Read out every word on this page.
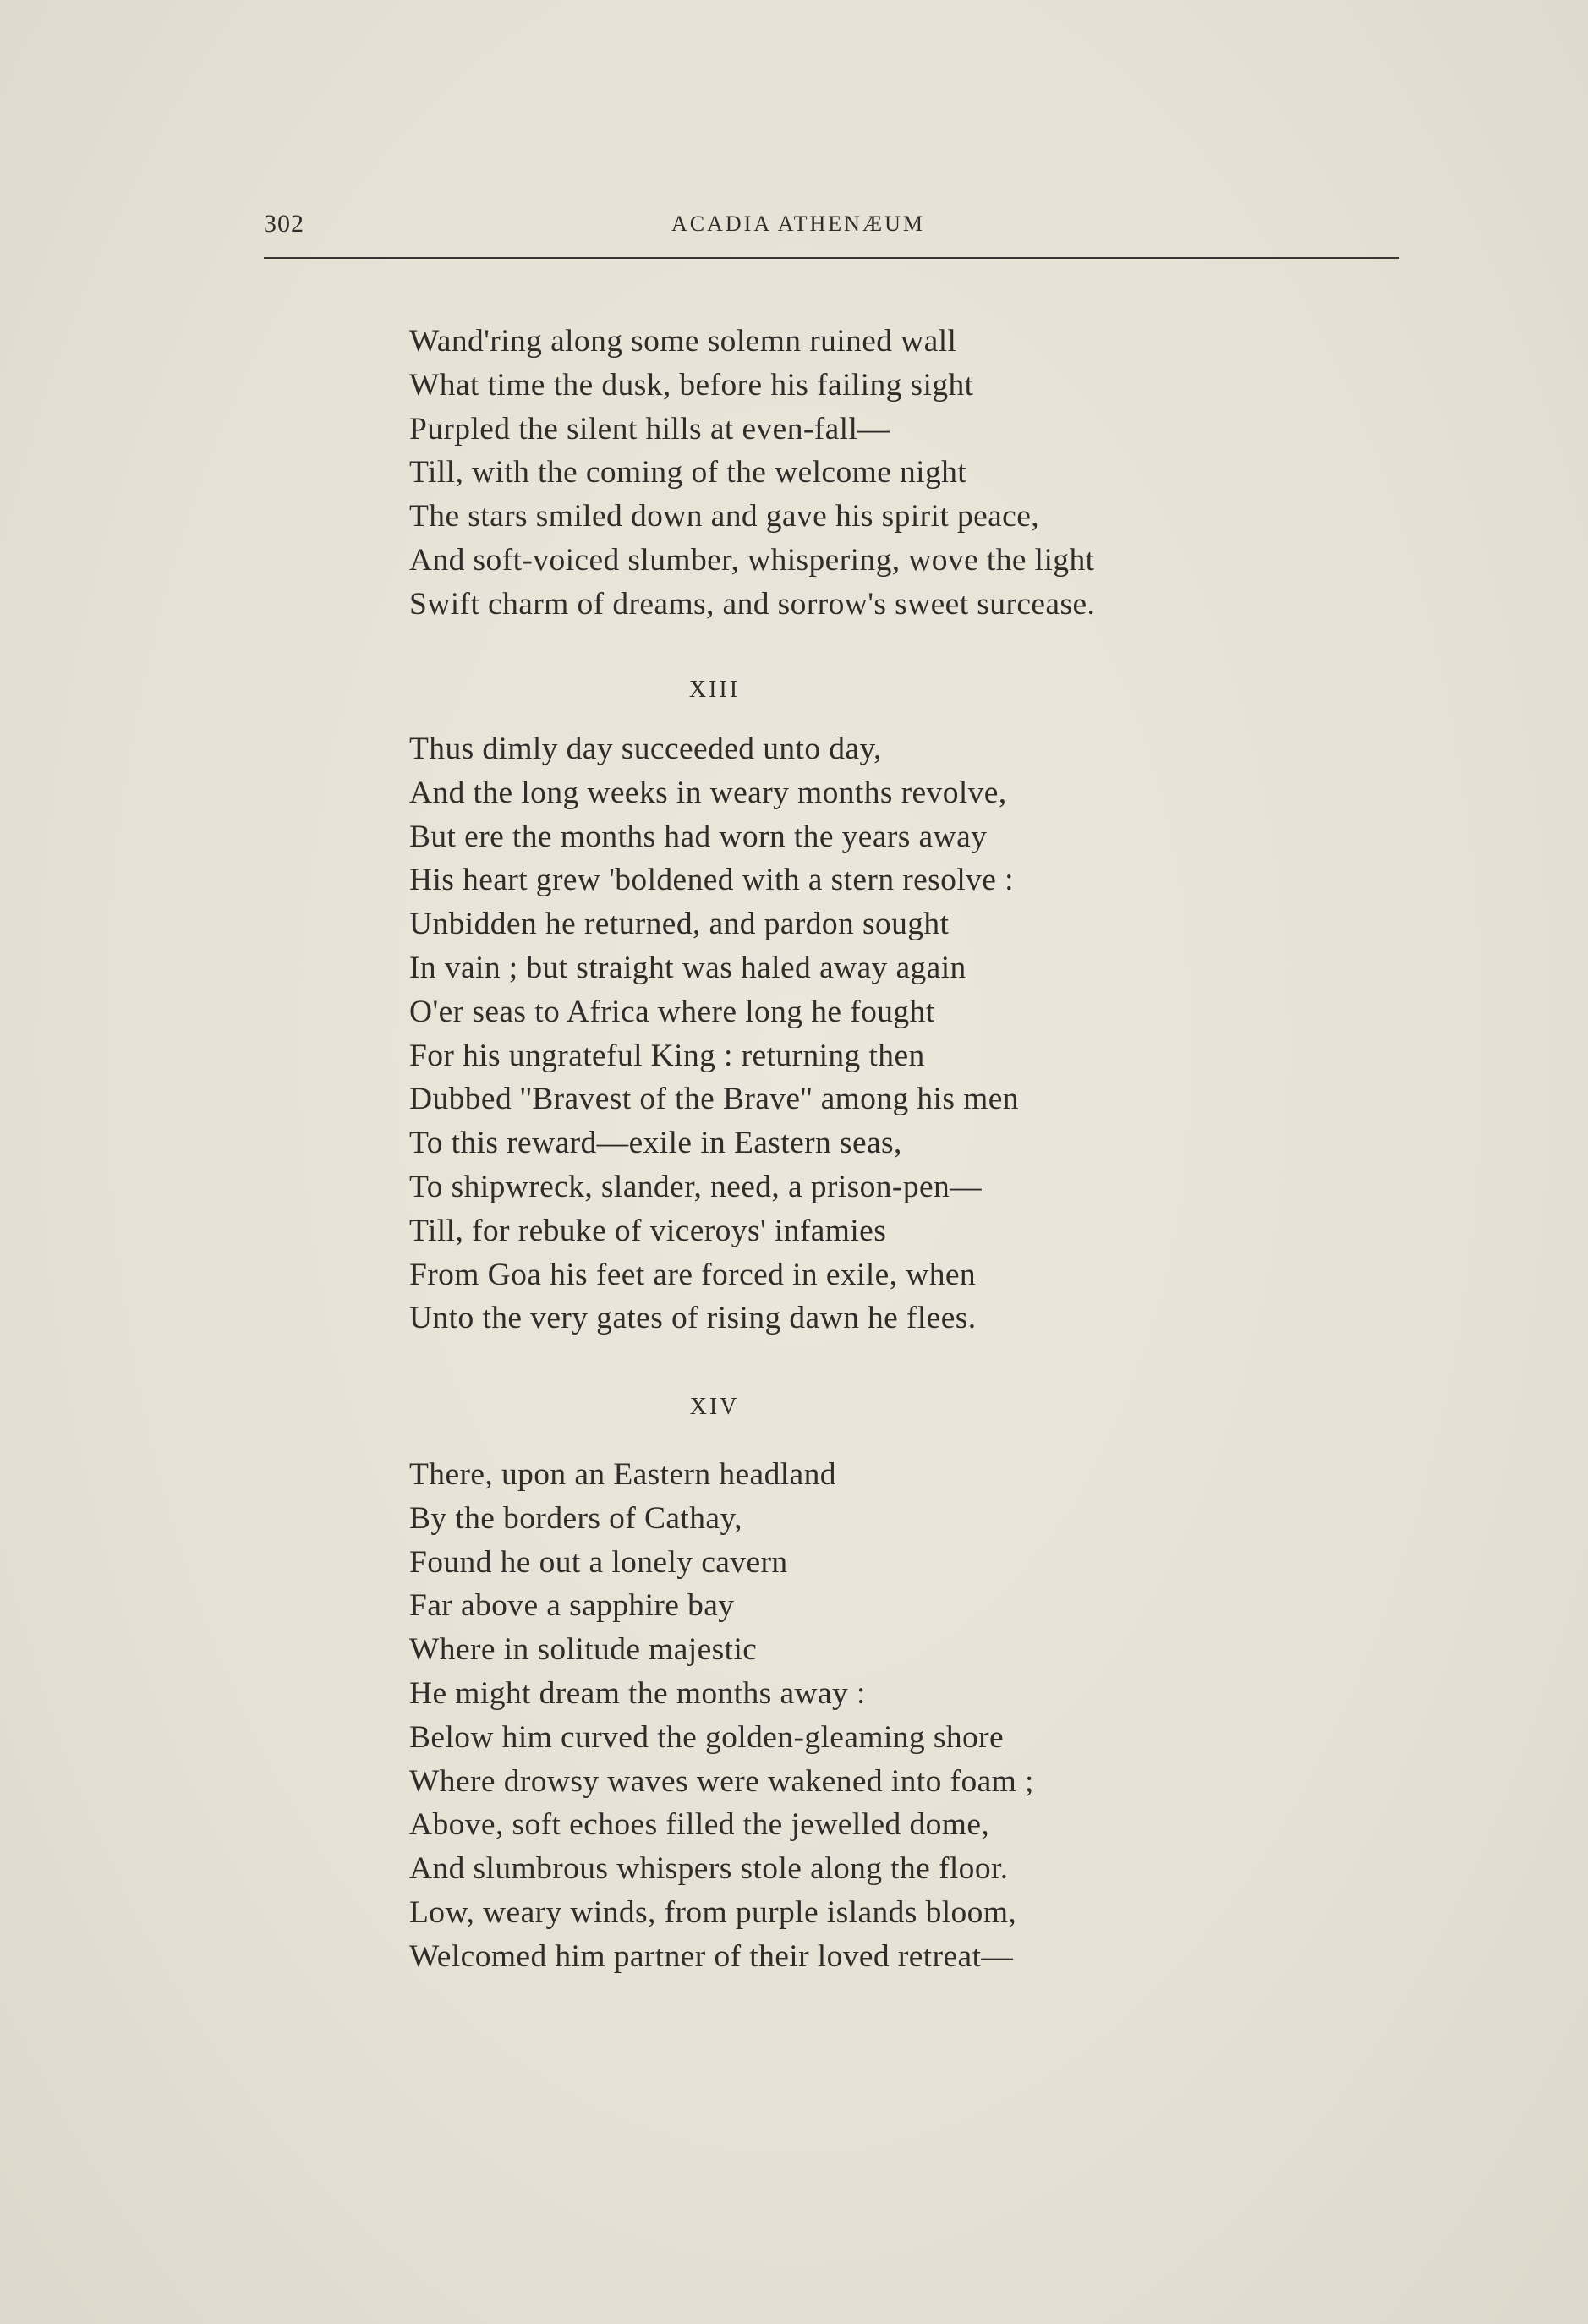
302	ACADIA ATHENÆUM
Wand'ring along some solemn ruined wall
What time the dusk, before his failing sight
Purpled the silent hills at even-fall—
Till, with the coming of the welcome night
The stars smiled down and gave his spirit peace,
And soft-voiced slumber, whispering, wove the light
Swift charm of dreams, and sorrow's sweet surcease.
XIII
Thus dimly day succeeded unto day,
And the long weeks in weary months revolve,
But ere the months had worn the years away
His heart grew 'boldened with a stern resolve :
Unbidden he returned, and pardon sought
In vain ; but straight was haled away again
O'er seas to Africa where long he fought
For his ungrateful King : returning then
Dubbed ''Bravest of the Brave'' among his men
To this reward—exile in Eastern seas,
To shipwreck, slander, need, a prison-pen—
Till, for rebuke of viceroys' infamies
From Goa his feet are forced in exile, when
Unto the very gates of rising dawn he flees.
XIV
There, upon an Eastern headland
By the borders of Cathay,
Found he out a lonely cavern
Far above a sapphire bay
Where in solitude majestic
He might dream the months away :
Below him curved the golden-gleaming shore
Where drowsy waves were wakened into foam ;
Above, soft echoes filled the jewelled dome,
And slumbrous whispers stole along the floor.
Low, weary winds, from purple islands bloom,
Welcomed him partner of their loved retreat—
